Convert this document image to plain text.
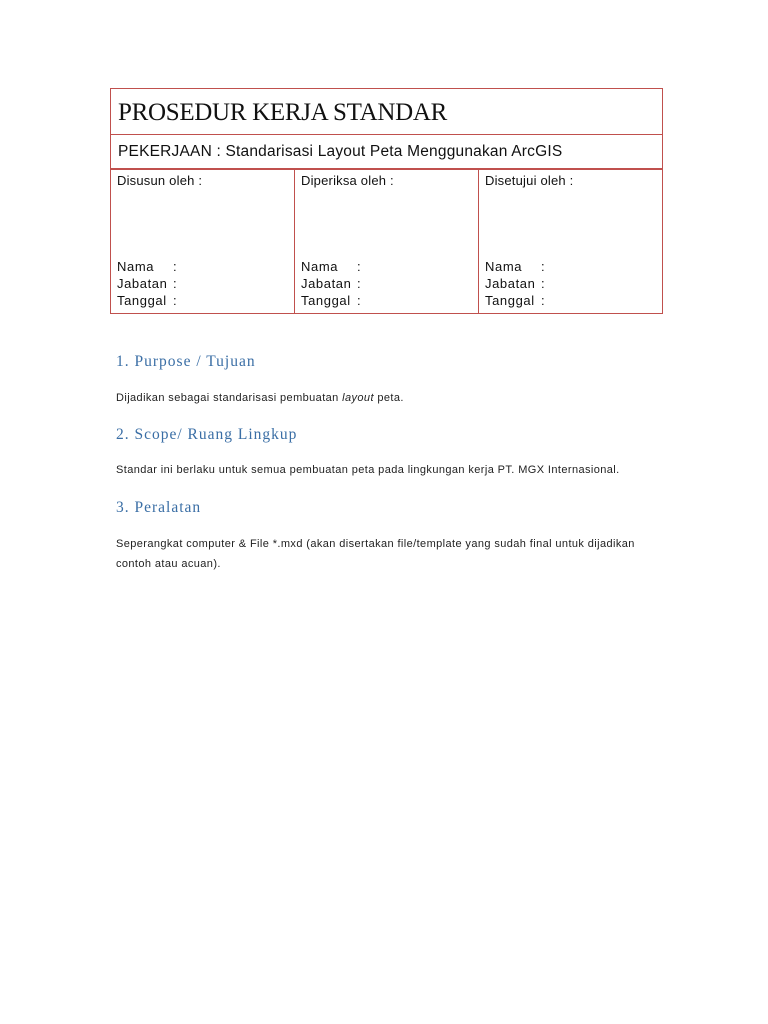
PROSEDUR KERJA STANDAR
PEKERJAAN : Standarisasi Layout Peta Menggunakan ArcGIS
Disusun oleh :
Nama	:
Jabatan :
Tanggal :
Diperiksa oleh :
Nama	:
Jabatan :
Tanggal :
Disetujui oleh :
Nama	:
Jabatan :
Tanggal :
1. Purpose / Tujuan
Dijadikan sebagai standarisasi pembuatan layout peta.
2. Scope/ Ruang Lingkup
Standar ini berlaku untuk semua pembuatan peta pada lingkungan kerja PT. MGX Internasional.
3. Peralatan
Seperangkat computer & File *.mxd (akan disertakan file/template yang sudah final untuk dijadikan contoh atau acuan).
